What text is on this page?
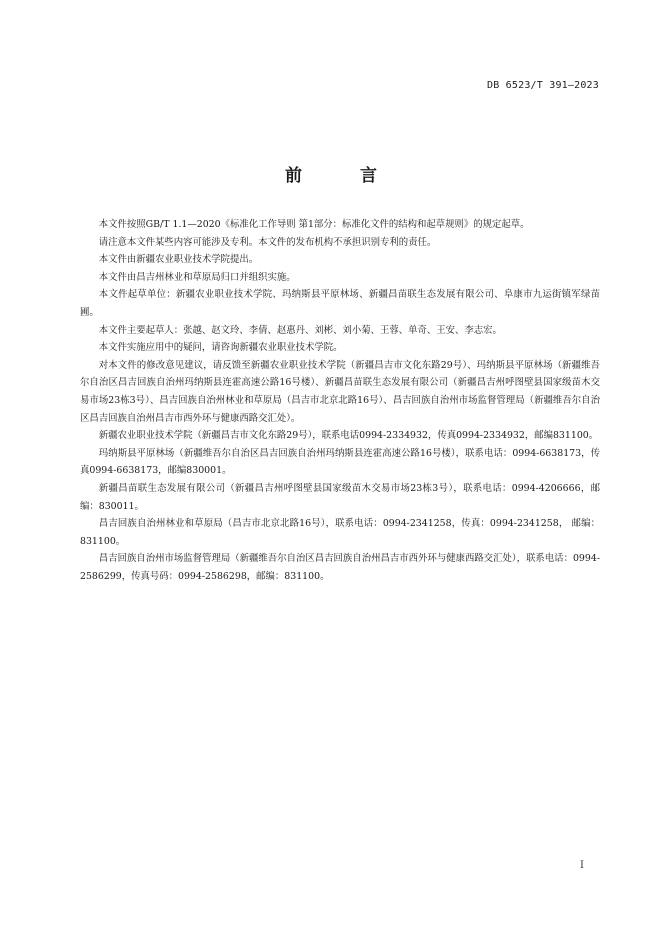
DB 6523/T 391—2023
前 言

本文件按照GB/T 1.1—2020《标准化工作导则 第1部分：标准化文件的结构和起草规则》的规定起草。

请注意本文件某些内容可能涉及专利。本文件的发布机构不承担识别专利的责任。

本文件由新疆农业职业技术学院提出。

本文件由昌吉州林业和草原局归口并组织实施。

本文件起草单位：新疆农业职业技术学院、玛纳斯县平原林场、新疆昌苗联生态发展有限公司、阜康市九运街镇军绿苗圃。

本文件主要起草人：张越、赵文玲、李倩、赵惠丹、刘彬、刘小菊、王蓉、单奇、王安、李志宏。

本文件实施应用中的疑问，请咨询新疆农业职业技术学院。

对本文件的修改意见建议，请反馈至新疆农业职业技术学院（新疆昌吉市文化东路29号）、玛纳斯县平原林场（新疆维吾尔自治区昌吉回族自治州玛纳斯县连霍高速公路16号楼）、新疆昌苗联生态发展有限公司（新疆昌吉州呼图壁县国家级苗木交易市场23栋3号）、昌吉回族自治州林业和草原局（昌吉市北京北路16号）、昌吉回族自治州市场监督管理局（新疆维吾尔自治区昌吉回族自治州昌吉市西外环与健康西路交汇处）。

新疆农业职业技术学院（新疆昌吉市文化东路29号），联系电话0994-2334932，传真0994-2334932，邮编831100。

玛纳斯县平原林场（新疆维吾尔自治区昌吉回族自治州玛纳斯县连霍高速公路16号楼），联系电话：0994-6638173，传真0994-6638173，邮编830001。

新疆昌苗联生态发展有限公司（新疆昌吉州呼图壁县国家级苗木交易市场23栋3号），联系电话：0994-4206666，邮编：830011。

昌吉回族自治州林业和草原局（昌吉市北京北路16号），联系电话：0994-2341258，传真：0994-2341258， 邮编：831100。

昌吉回族自治州市场监督管理局（新疆维吾尔自治区昌吉回族自治州昌吉市西外环与健康西路交汇处），联系电话：0994-2586299，传真号码：0994-2586298，邮编：831100。

I
